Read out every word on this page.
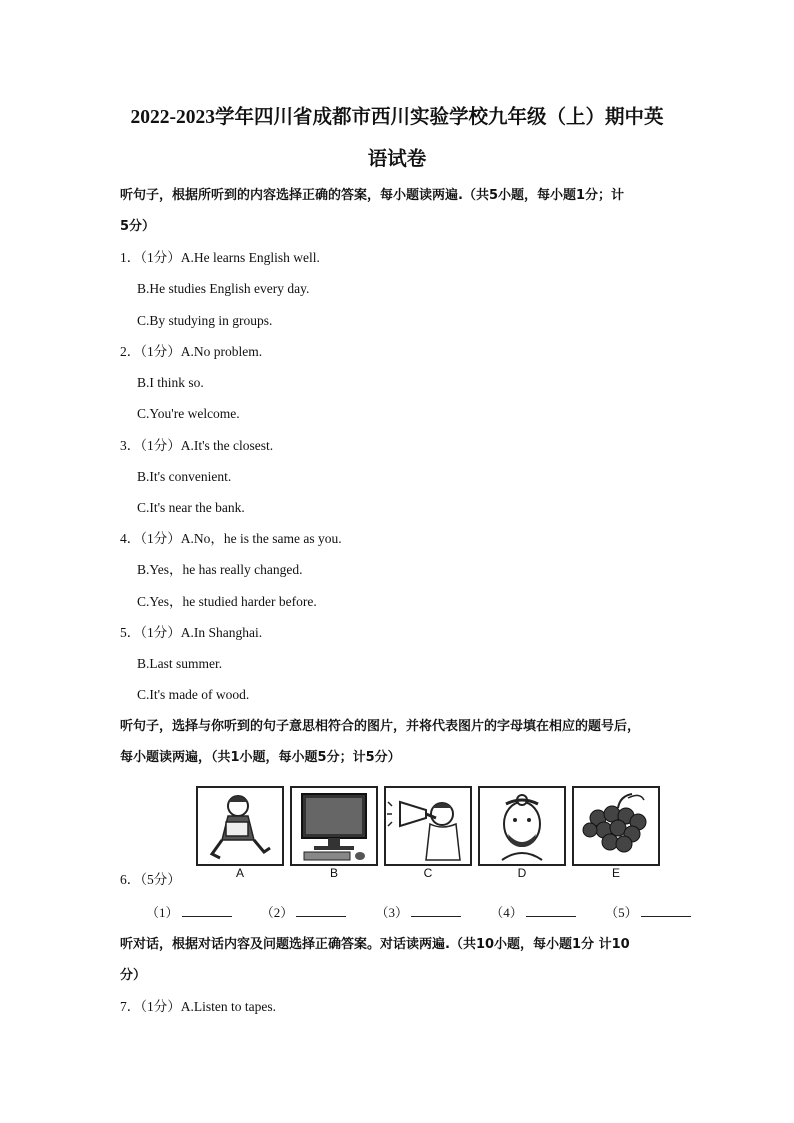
2022-2023学年四川省成都市西川实验学校九年级（上）期中英
语试卷
听句子，根据所听到的内容选择正确的答案，每小题读两遍.（共5小题，每小题1分；计
5分）
1．（1分）A.He learns English well.
B.He studies English every day.
C.By studying in groups.
2．（1分）A.No problem.
B.I think so.
C.You're welcome.
3．（1分）A.It's the closest.
B.It's convenient.
C.It's near the bank.
4．（1分）A.No，he is the same as you.
B.Yes，he has really changed.
C.Yes，he studied harder before.
5．（1分）A.In Shanghai.
B.Last summer.
C.It's made of wood.
听句子，选择与你听到的句子意思相符合的图片，并将代表图片的字母填在相应的题号后，
每小题读两遍，（共1小题，每小题5分；计5分）
A	B	C	D	E
6．（5分）
（1）	（2）	（3）	（4）	（5）
听对话，根据对话内容及问题选择正确答案。对话读两遍.（共10小题，每小题1分 计10
分）
7．（1分）A.Listen to tapes.
